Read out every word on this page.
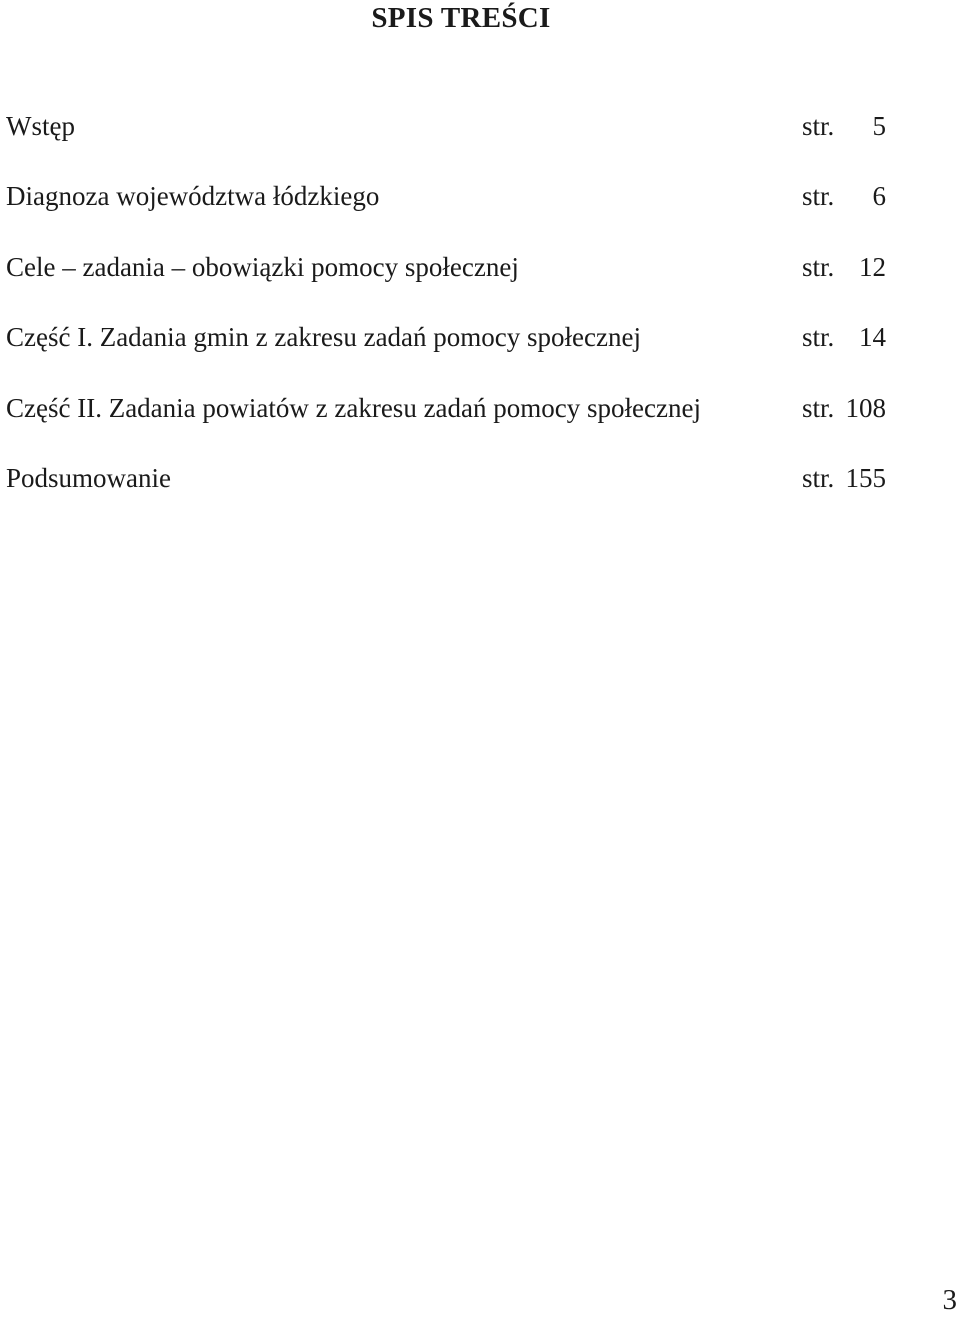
SPIS TREŚCI
Wstęp	str. 5
Diagnoza województwa łódzkiego	str. 6
Cele – zadania – obowiązki pomocy społecznej	str. 12
Część I. Zadania gmin z zakresu zadań pomocy społecznej	str. 14
Część II. Zadania powiatów z zakresu zadań pomocy społecznej	str. 108
Podsumowanie	str. 155
3
